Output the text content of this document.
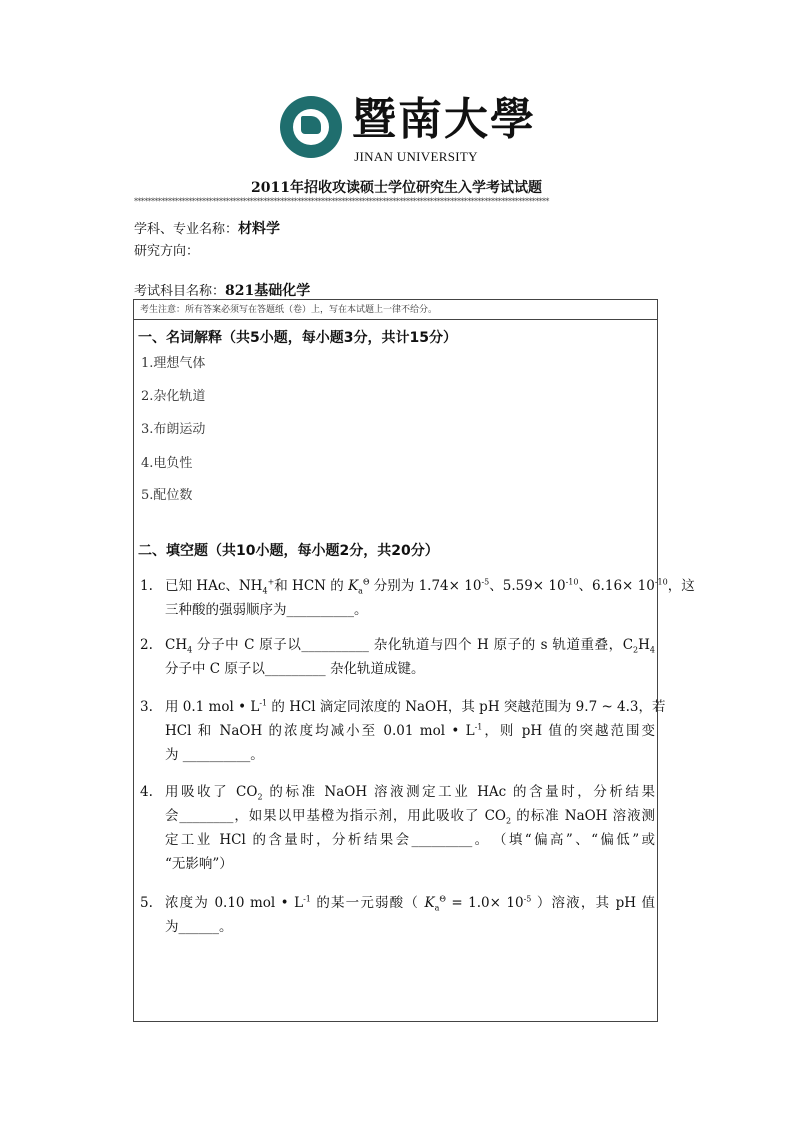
暨南大學
JINAN UNIVERSITY
2011年招收攻读硕士学位研究生入学考试试题
**************************************************************************************************************************
学科、专业名称：材料学
研究方向：
考试科目名称：821基础化学
考生注意：所有答案必须写在答题纸（卷）上，写在本试题上一律不给分。
一、名词解释（共5小题，每小题3分，共计15分）
1.理想气体
2.杂化轨道
3.布朗运动
4.电负性
5.配位数
二、填空题（共10小题，每小题2分，共20分）
1. 已知 HAc、$NH_4^+$和 HCN 的 $K_a^\Theta$ 分别为 $1.74\times 10^{-5}$、$5.59\times 10^{-10}$、$6.16\times 10^{-10}$，这
三种酸的强弱顺序为__________。
2. $CH_4$ 分子中 C 原子以__________ 杂化轨道与四个 H 原子的 s 轨道重叠，$C_2H_4$
分子中 C 原子以_________ 杂化轨道成键。
3. 用 0.1 mol • $L^{-1}$ 的 HCl 滴定同浓度的 NaOH，其 pH 突越范围为 9.7 ~ 4.3，若
HCl 和 NaOH 的浓度均减小至 0.01 mol • $L^{-1}$，则 pH 值的突越范围变
为 __________。
4. 用吸收了 $CO_2$ 的标准 NaOH 溶液测定工业 HAc 的含量时，分析结果
会________，如果以甲基橙为指示剂，用此吸收了 $CO_2$ 的标准 NaOH 溶液测
定工业 HCl 的含量时，分析结果会_________。　（填“偏高”、“偏低”或
“无影响”）
5. 浓度为 0.10 mol • $L^{-1}$ 的某一元弱酸（ $K_a^\Theta = 1.0\times 10^{-5}$ ）溶液，其 pH 值
为______。
